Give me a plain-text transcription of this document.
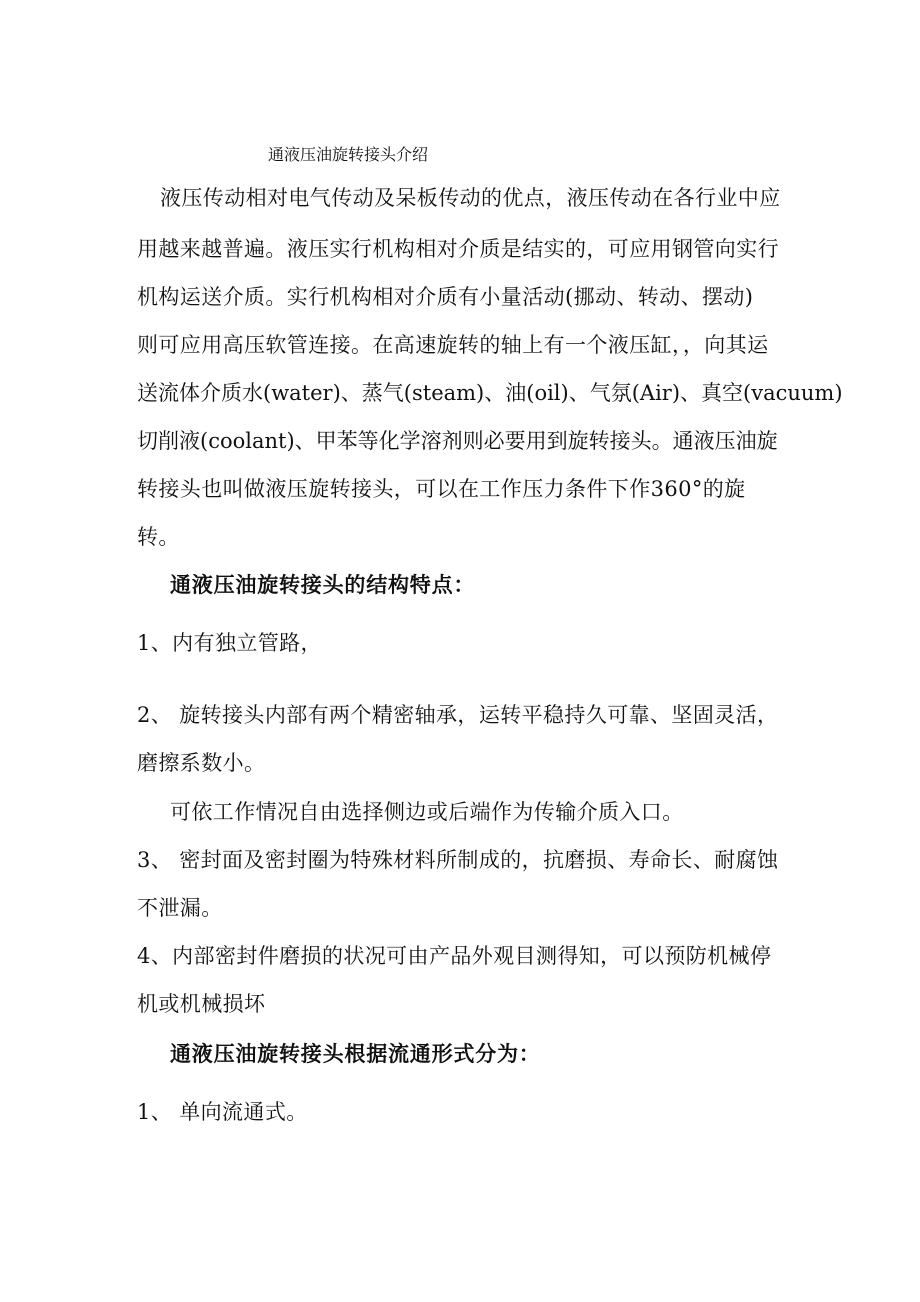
通液压油旋转接头介绍
液压传动相对电气传动及呆板传动的优点，液压传动在各行业中应
用越来越普遍。液压实行机构相对介质是结实的，可应用钢管向实行
机构运送介质。实行机构相对介质有小量活动(挪动、转动、摆动)
则可应用高压软管连接。在高速旋转的轴上有一个液压缸，，向其运
送流体介质水(water)、蒸气(steam)、油(oil)、气氛(Air)、真空(vacuum)
切削液(coolant)、甲苯等化学溶剂则必要用到旋转接头。通液压油旋
转接头也叫做液压旋转接头，可以在工作压力条件下作360°的旋
转。
通液压油旋转接头的结构特点：
1、内有独立管路，
2、 旋转接头内部有两个精密轴承，运转平稳持久可靠、坚固灵活，
磨擦系数小。
可依工作情况自由选择侧边或后端作为传输介质入口。
3、 密封面及密封圈为特殊材料所制成的，抗磨损、寿命长、耐腐蚀
不泄漏。
4、内部密封件磨损的状况可由产品外观目测得知，可以预防机械停
机或机械损坏
通液压油旋转接头根据流通形式分为：
1、 单向流通式。
